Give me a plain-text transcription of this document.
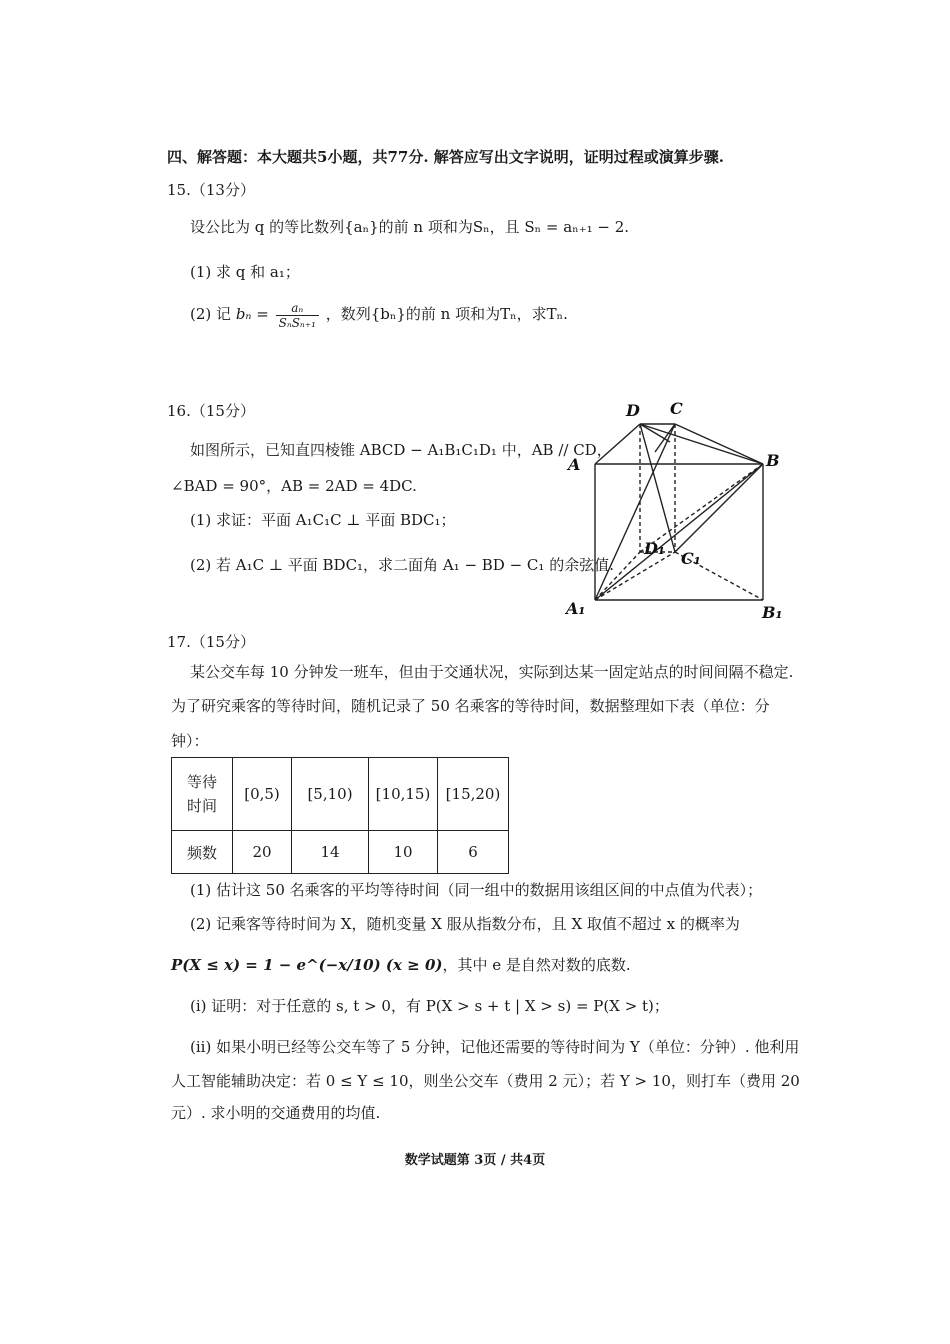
四、解答题：本大题共5小题，共77分. 解答应写出文字说明，证明过程或演算步骤.
15.（13分）
设公比为 q 的等比数列{aₙ}的前 n 项和为Sₙ，且 Sₙ = aₙ₊₁ − 2.
(1) 求 q 和 a₁；
(2) 记 $b_n = \frac{\text{aₙ}}{\text{SₙSₙ₊₁}}$ ，数列{bₙ}的前 n 项和为Tₙ，求Tₙ.
16.（15分）
如图所示，已知直四棱锥 ABCD − A₁B₁C₁D₁ 中，AB // CD，
∠BAD = 90°，AB = 2AD = 4DC.
(1) 求证：平面 A₁C₁C ⊥ 平面 BDC₁；
(2) 若 A₁C ⊥ 平面 BDC₁，求二面角 A₁ − BD − C₁ 的余弦值.
D C
A	B
D₁
C₁
A₁	B₁
17.（15分）
某公交车每 10 分钟发一班车，但由于交通状况，实际到达某一固定站点的时间间隔不稳定.
为了研究乘客的等待时间，随机记录了 50 名乘客的等待时间，数据整理如下表（单位：分
钟）：
等待
时间	[0,5)	[5,10)	[10,15)	[15,20)
频数	20	14	10	6
(1) 估计这 50 名乘客的平均等待时间（同一组中的数据用该组区间的中点值为代表）；
(2) 记乘客等待时间为 X，随机变量 X 服从指数分布，且 X 取值不超过 x 的概率为
P(X ≤ x) = 1 − e^(−x/10) (x ≥ 0)，其中 e 是自然对数的底数.
(i) 证明：对于任意的 s, t > 0，有 P(X > s + t | X > s) = P(X > t)；
(ii) 如果小明已经等公交车等了 5 分钟，记他还需要的等待时间为 Y（单位：分钟）. 他利用
人工智能辅助决定：若 0 ≤ Y ≤ 10，则坐公交车（费用 2 元）；若 Y > 10，则打车（费用 20
元）. 求小明的交通费用的均值.
数学试题第 3页 / 共4页
